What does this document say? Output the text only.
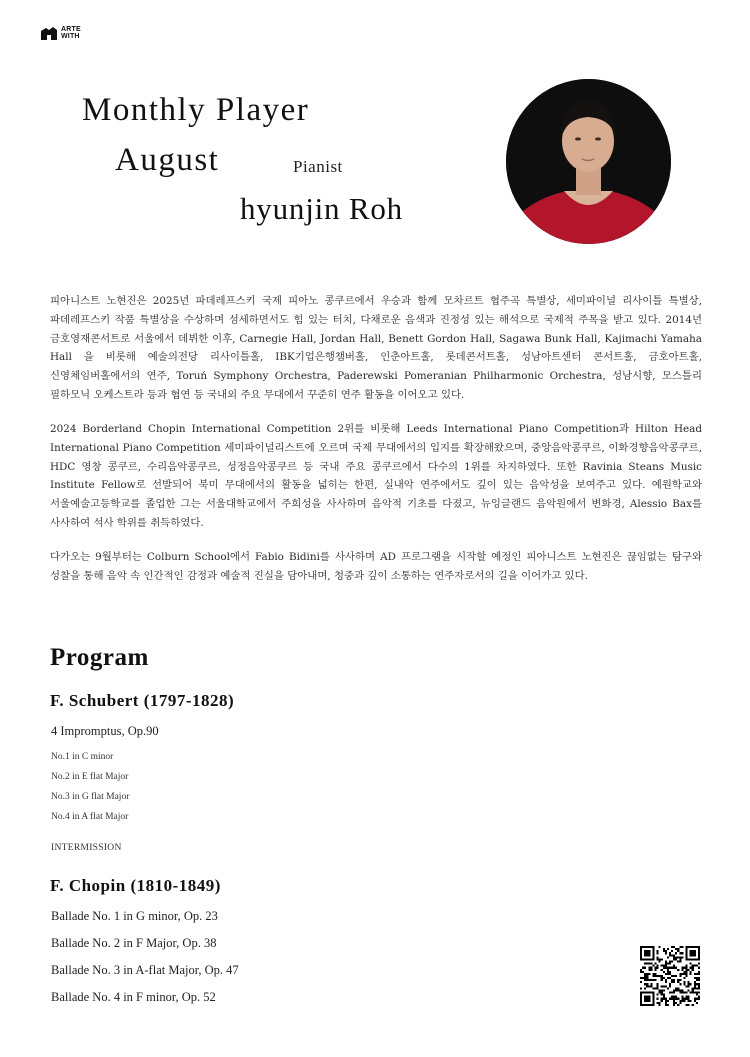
ARTE
WITH
Monthly Player
August	Pianist
hyunjin Roh

피아니스트 노현진은 2025년 파데레프스키 국제 피아노 콩쿠르에서 우승과 함께 모차르트 협주곡 특별상, 세미파이널 리사이틀 특별상, 파데레프스키 작품 특별상을 수상하며 섬세하면서도 힘 있는 터치, 다채로운 음색과 진정성 있는 해석으로 국제적 주목을 받고 있다. 2014년 금호영재콘서트로 서울에서 데뷔한 이후, Carnegie Hall, Jordan Hall, Benett Gordon Hall, Sagawa Bunk Hall, Kajimachi Yamaha Hall 을 비롯해 예술의전당 리사이틀홀, IBK기업은행챔버홀, 인춘아트홀, 롯데콘서트홀, 성남아트센터 콘서트홀, 금호아트홀, 신영체임버홀에서의 연주, Toruń Symphony Orchestra, Paderewski Pomeranian Philharmonic Orchestra, 성남시향, 모스틀리 필하모닉 오케스트라 등과 협연 등 국내외 주요 무대에서 꾸준히 연주 활동을 이어오고 있다.

2024 Borderland Chopin International Competition 2위를 비롯해 Leeds International Piano Competition과 Hilton Head International Piano Competition 세미파이널리스트에 오르며 국제 무대에서의 입지를 확장해왔으며, 중앙음악콩쿠르, 이화경향음악콩쿠르, HDC 영창 콩쿠르, 수리음악콩쿠르, 성정음악콩쿠르 등 국내 주요 콩쿠르에서 다수의 1위를 차지하였다. 또한 Ravinia Steans Music Institute Fellow로 선발되어 북미 무대에서의 활동을 넓히는 한편, 실내악 연주에서도 깊이 있는 음악성을 보여주고 있다. 예원학교와 서울예술고등학교를 졸업한 그는 서울대학교에서 주희성을 사사하며 음악적 기초를 다졌고, 뉴잉글랜드 음악원에서 변화경, Alessio Bax를 사사하여 석사 학위를 취득하였다.

다가오는 9월부터는 Colburn School에서 Fabio Bidini를 사사하며 AD 프로그램을 시작할 예정인 피아니스트 노현진은 끊임없는 탐구와 성찰을 통해 음악 속 인간적인 감정과 예술적 진실을 담아내며, 청중과 깊이 소통하는 연주자로서의 길을 이어가고 있다.

Program
F. Schubert (1797-1828)
4 Impromptus, Op.90
No.1 in C minor
No.2 in E flat Major
No.3 in G flat Major
No.4 in A flat Major
INTERMISSION
F. Chopin (1810-1849)
Ballade No. 1 in G minor, Op. 23
Ballade No. 2 in F Major, Op. 38
Ballade No. 3 in A-flat Major, Op. 47
Ballade No. 4 in F minor, Op. 52
